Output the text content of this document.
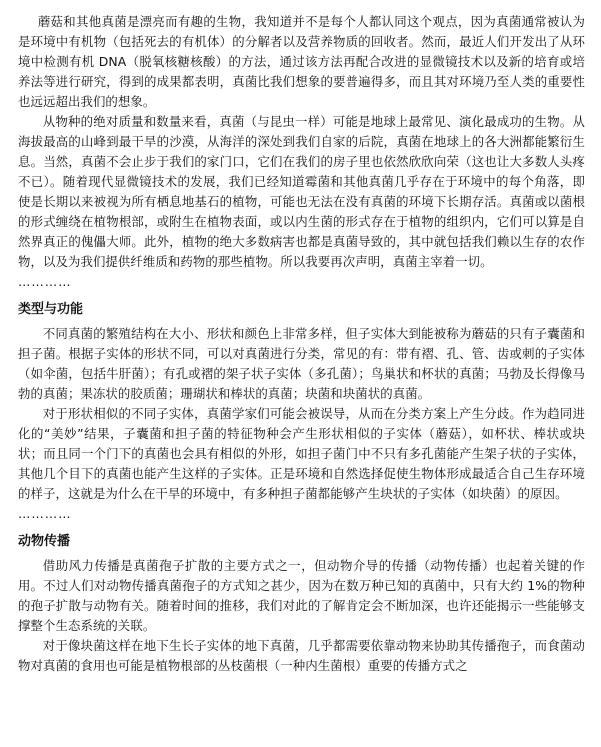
蘑菇和其他真菌是漂亮而有趣的生物，我知道并不是每个人都认同这个观点，因为真菌通常被认为是环境中有机物（包括死去的有机体）的分解者以及营养物质的回收者。然而，最近人们开发出了从环境中检测有机 DNA（脱氧核糖核酸）的方法，通过该方法再配合改进的显微镜技术以及新的培育或培养法等进行研究，得到的成果都表明，真菌比我们想象的要普遍得多，而且其对环境乃至人类的重要性也远远超出我们的想象。

从物种的绝对质量和数量来看，真菌（与昆虫一样）可能是地球上最常见、演化最成功的生物。从海拔最高的山峰到最干旱的沙漠，从海洋的深处到我们自家的后院，真菌在地球上的各大洲都能繁衍生息。当然，真菌不会止步于我们的家门口，它们在我们的房子里也依然欣欣向荣（这也让大多数人头疼不已）。随着现代显微镜技术的发展，我们已经知道霉菌和其他真菌几乎存在于环境中的每个角落，即使是长期以来被视为所有栖息地基石的植物，可能也无法在没有真菌的环境下长期存活。真菌或以菌根的形式缠绕在植物根部，或附生在植物表面，或以内生菌的形式存在于植物的组织内，它们可以算是自然界真正的傀儡大师。此外，植物的绝大多数病害也都是真菌导致的，其中就包括我们赖以生存的农作物，以及为我们提供纤维质和药物的那些植物。所以我要再次声明，真菌主宰着一切。

…………

类型与功能

不同真菌的繁殖结构在大小、形状和颜色上非常多样，但子实体大到能被称为蘑菇的只有子囊菌和担子菌。根据子实体的形状不同，可以对真菌进行分类，常见的有：带有褶、孔、管、齿或刺的子实体（如伞菌，包括牛肝菌）；有孔或褶的架子状子实体（多孔菌）；鸟巢状和杯状的真菌；马勃及长得像马勃的真菌；果冻状的胶质菌；珊瑚状和棒状的真菌；块菌和块菌状的真菌。

对于形状相似的不同子实体，真菌学家们可能会被误导，从而在分类方案上产生分歧。作为趋同进化的“美妙”结果，子囊菌和担子菌的特征物种会产生形状相似的子实体（蘑菇），如杯状、棒状或块状；而且同一个门下的真菌也会具有相似的外形，如担子菌门中不只有多孔菌能产生架子状的子实体，其他几个目下的真菌也能产生这样的子实体。正是环境和自然选择促使生物体形成最适合自己生存环境的样子，这就是为什么在干旱的环境中，有多种担子菌都能够产生块状的子实体（如块菌）的原因。

…………

动物传播

借助风力传播是真菌孢子扩散的主要方式之一，但动物介导的传播（动物传播）也起着关键的作用。不过人们对动物传播真菌孢子的方式知之甚少，因为在数万种已知的真菌中，只有大约 1%的物种的孢子扩散与动物有关。随着时间的推移，我们对此的了解肯定会不断加深，也许还能揭示一些能够支撑整个生态系统的关联。

对于像块菌这样在地下生长子实体的地下真菌，几乎都需要依靠动物来协助其传播孢子，而食菌动物对真菌的食用也可能是植物根部的丛枝菌根（一种内生菌根）重要的传播方式之
